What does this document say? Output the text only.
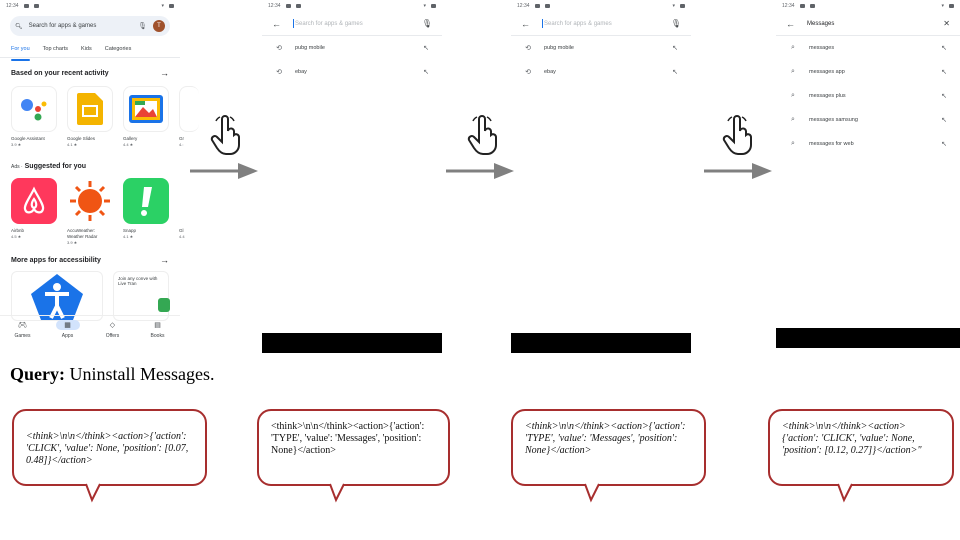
12:34	▾
🔍︎ Search for apps & games	🎙︎	T
For you Top charts Kids Categories
Based on your recent activity	→
Google Assistant
3.9 ★
Google Slides
4.1 ★
Gallery
4.4 ★
Gr
4.:
Ads · Suggested for you
Airbnb
4.5 ★
AccuWeather: Weather Radar
3.9 ★
Snapp
4.1 ★
Gl
4.4
More apps for accessibility	→
Join any conve with Live Tran
🎮︎
Games
▦
Apps
◇
Offers
▤
Books
12:34	▾
←	Search for apps & games	🎙︎
⟲ pubg mobile	↖
⟲ ebay	↖
12:34	▾
←	Search for apps & games	🎙︎
⟲ pubg mobile	↖
⟲ ebay	↖
12:34	▾
← Messages	✕
⌕	messages	↖
⌕	messages app	↖
⌕	messages plus	↖
⌕	messages samsung	↖
⌕	messages for web	↖
Query: Uninstall Messages.
<think>\n\n</think><action>{'action': 'CLICK', 'value': None, 'position': [0.07, 0.48]}</action>
<think>\n\n</think><action>{'action': 'TYPE', 'value': 'Messages', 'position': None}</action>
<think>\n\n</think><action>{'action': 'TYPE', 'value': 'Messages', 'position': None}</action>
<think>\n\n</think><action>{'action': 'CLICK', 'value': None, 'position': [0.12, 0.27]}</action>"
